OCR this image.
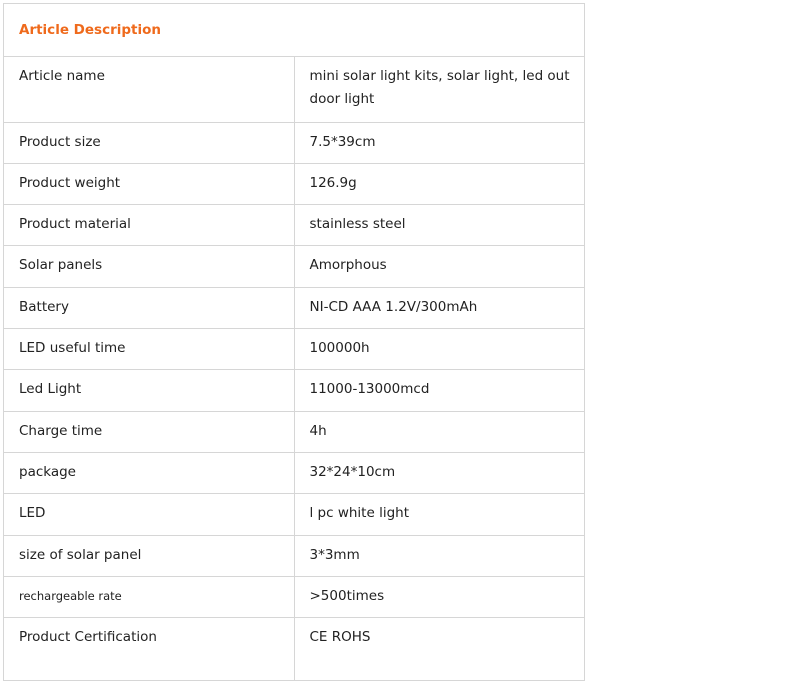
Article Description	
Article name	mini solar light kits, solar light, led outdoor light
Product size	7.5*39cm
Product weight	126.9g
Product material	stainless steel
Solar panels	Amorphous
Battery	NI-CD AAA 1.2V/300mAh
LED useful time	100000h
Led Light	11000-13000mcd
Charge time	4h
package	32*24*10cm
LED	l pc white light
size of solar panel	3*3mm
rechargeable rate	>500times
Product Certification	CE ROHS
